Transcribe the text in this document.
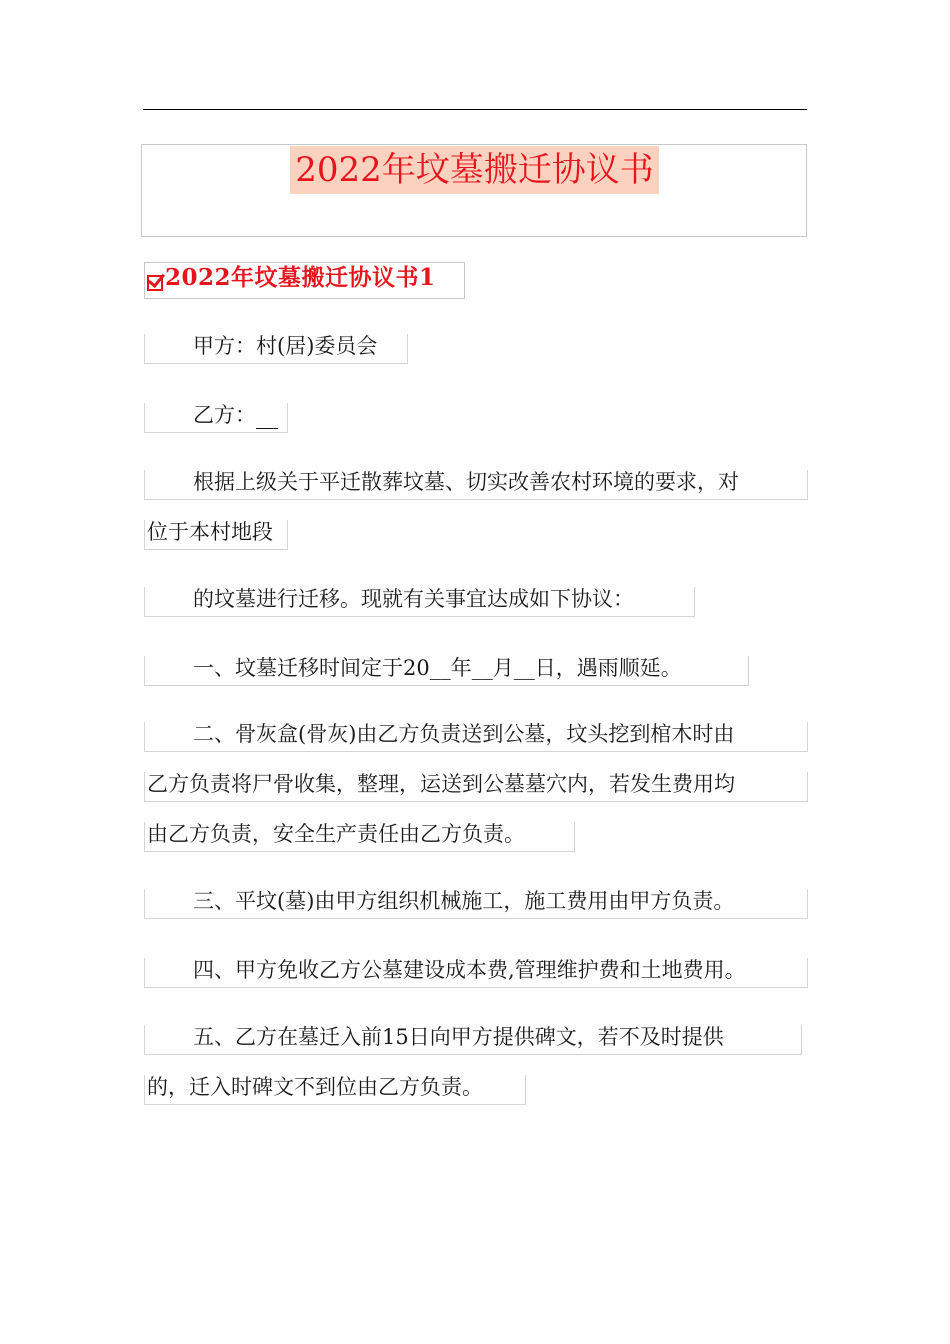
2022年坟墓搬迁协议书
2022年坟墓搬迁协议书1
甲方：村(居)委员会
乙方：
根据上级关于平迁散葬坟墓、切实改善农村环境的要求，对
位于本村地段
的坟墓进行迁移。现就有关事宜达成如下协议：
一、坟墓迁移时间定于20__年__月__日，遇雨顺延。
二、骨灰盒(骨灰)由乙方负责送到公墓，坟头挖到棺木时由
乙方负责将尸骨收集，整理，运送到公墓墓穴内，若发生费用均
由乙方负责，安全生产责任由乙方负责。
三、平坟(墓)由甲方组织机械施工，施工费用由甲方负责。
四、甲方免收乙方公墓建设成本费,管理维护费和土地费用。
五、乙方在墓迁入前15日向甲方提供碑文，若不及时提供
的，迁入时碑文不到位由乙方负责。
